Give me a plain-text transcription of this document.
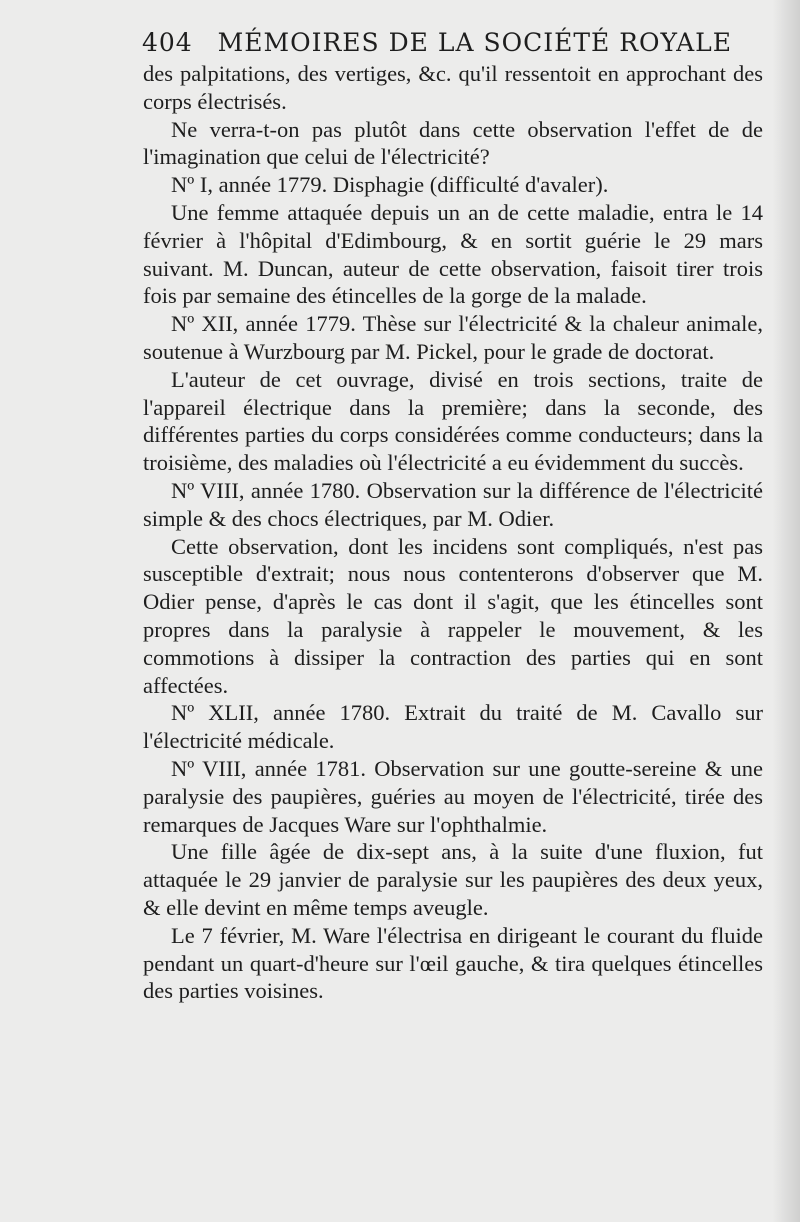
404 MÉMOIRES DE LA SOCIÉTÉ ROYALE

des palpitations, des vertiges, &c. qu'il ressentoit en approchant des corps électrisés.

Ne verra-t-on pas plutôt dans cette observation l'effet de de l'imagination que celui de l'électricité?

Nº I, année 1779. Disphagie (difficulté d'avaler).

Une femme attaquée depuis un an de cette maladie, entra le 14 février à l'hôpital d'Edimbourg, & en sortit guérie le 29 mars suivant. M. Duncan, auteur de cette observation, faisoit tirer trois fois par semaine des étincelles de la gorge de la malade.

Nº XII, année 1779. Thèse sur l'électricité & la chaleur animale, soutenue à Wurzbourg par M. Pickel, pour le grade de doctorat.

L'auteur de cet ouvrage, divisé en trois sections, traite de l'appareil électrique dans la première; dans la seconde, des différentes parties du corps considérées comme conducteurs; dans la troisième, des maladies où l'électricité a eu évidemment du succès.

Nº VIII, année 1780. Observation sur la différence de l'électricité simple & des chocs électriques, par M. Odier.

Cette observation, dont les incidens sont compliqués, n'est pas susceptible d'extrait; nous nous contenterons d'observer que M. Odier pense, d'après le cas dont il s'agit, que les étincelles sont propres dans la paralysie à rappeler le mouvement, & les commotions à dissiper la contraction des parties qui en sont affectées.

Nº XLII, année 1780. Extrait du traité de M. Cavallo sur l'électricité médicale.

Nº VIII, année 1781. Observation sur une goutte-sereine & une paralysie des paupières, guéries au moyen de l'électricité, tirée des remarques de Jacques Ware sur l'ophthalmie.

Une fille âgée de dix-sept ans, à la suite d'une fluxion, fut attaquée le 29 janvier de paralysie sur les paupières des deux yeux, & elle devint en même temps aveugle.

Le 7 février, M. Ware l'électrisa en dirigeant le courant du fluide pendant un quart-d'heure sur l'œil gauche, & tira quelques étincelles des parties voisines.
